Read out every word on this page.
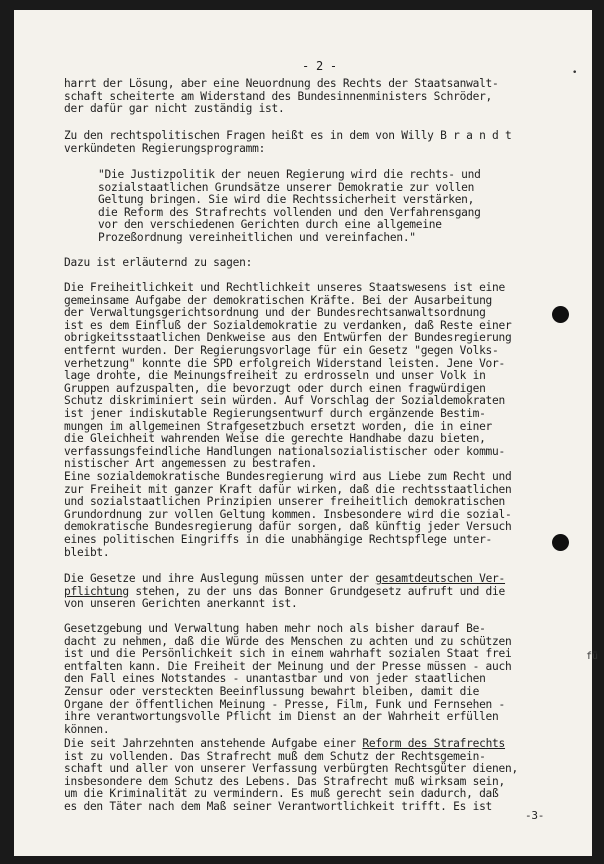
•
- 2 -
harrt der Lösung, aber eine Neuordnung des Rechts der Staatsanwalt-
schaft scheiterte am Widerstand des Bundesinnenministers Schröder,
der dafür gar nicht zuständig ist.
Zu den rechtspolitischen Fragen heißt es in dem von Willy B r a n d t
verkündeten Regierungsprogramm:
"Die Justizpolitik der neuen Regierung wird die rechts- und
sozialstaatlichen Grundsätze unserer Demokratie zur vollen
Geltung bringen. Sie wird die Rechtssicherheit verstärken,
die Reform des Strafrechts vollenden und den Verfahrensgang
vor den verschiedenen Gerichten durch eine allgemeine
Prozeßordnung vereinheitlichen und vereinfachen."
Dazu ist erläuternd zu sagen:
Die Freiheitlichkeit und Rechtlichkeit unseres Staatswesens ist eine
gemeinsame Aufgabe der demokratischen Kräfte. Bei der Ausarbeitung
der Verwaltungsgerichtsordnung und der Bundesrechtsanwaltsordnung
ist es dem Einfluß der Sozialdemokratie zu verdanken, daß Reste einer
obrigkeitsstaatlichen Denkweise aus den Entwürfen der Bundesregierung
entfernt wurden. Der Regierungsvorlage für ein Gesetz "gegen Volks-
verhetzung" konnte die SPD erfolgreich Widerstand leisten. Jene Vor-
lage drohte, die Meinungsfreiheit zu erdrosseln und unser Volk in
Gruppen aufzuspalten, die bevorzugt oder durch einen fragwürdigen
Schutz diskriminiert sein würden. Auf Vorschlag der Sozialdemokraten
ist jener indiskutable Regierungsentwurf durch ergänzende Bestim-
mungen im allgemeinen Strafgesetzbuch ersetzt worden, die in einer
die Gleichheit wahrenden Weise die gerechte Handhabe dazu bieten,
verfassungsfeindliche Handlungen nationalsozialistischer oder kommu-
nistischer Art angemessen zu bestrafen.
Eine sozialdemokratische Bundesregierung wird aus Liebe zum Recht und
zur Freiheit mit ganzer Kraft dafür wirken, daß die rechtsstaatlichen
und sozialstaatlichen Prinzipien unserer freiheitlich demokratischen
Grundordnung zur vollen Geltung kommen. Insbesondere wird die sozial-
demokratische Bundesregierung dafür sorgen, daß künftig jeder Versuch
eines politischen Eingriffs in die unabhängige Rechtspflege unter-
bleibt.
Die Gesetze und ihre Auslegung müssen unter der gesamtdeutschen Ver-
pflichtung stehen, zu der uns das Bonner Grundgesetz aufruft und die
von unseren Gerichten anerkannt ist.
Gesetzgebung und Verwaltung haben mehr noch als bisher darauf Be-
dacht zu nehmen, daß die Würde des Menschen zu achten und zu schützen
ist und die Persönlichkeit sich in einem wahrhaft sozialen Staat frei
entfalten kann. Die Freiheit der Meinung und der Presse müssen - auch
den Fall eines Notstandes - unantastbar und von jeder staatlichen
Zensur oder versteckten Beeinflussung bewahrt bleiben, damit die
Organe der öffentlichen Meinung - Presse, Film, Funk und Fernsehen -
ihre verantwortungsvolle Pflicht im Dienst an der Wahrheit erfüllen
können.
Die seit Jahrzehnten anstehende Aufgabe einer Reform des Strafrechts
ist zu vollenden. Das Strafrecht muß dem Schutz der Rechtsgemein-
schaft und aller von unserer Verfassung verbürgten Rechtsgüter dienen,
insbesondere dem Schutz des Lebens. Das Strafrecht muß wirksam sein,
um die Kriminalität zu vermindern. Es muß gerecht sein dadurch, daß
es den Täter nach dem Maß seiner Verantwortlichkeit trifft. Es ist
-3-
fü
